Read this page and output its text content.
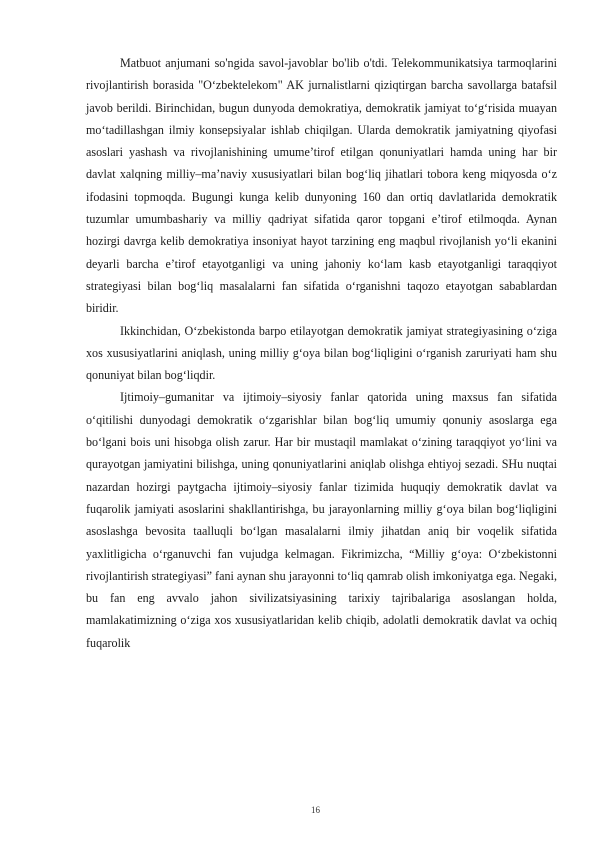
Matbuot anjumani so'ngida savol-javoblar bo'lib o'tdi. Telekommunikatsiya tarmoqlarini rivojlantirish borasida "O‘zbektelekom" AK jurnalistlarni qiziqtirgan barcha savollarga batafsil javob berildi. Birinchidan, bugun dunyoda demokratiya, demokratik jamiyat to‘g‘risida muayan mo‘tadillashgan ilmiy konsepsiyalar ishlab chiqilgan. Ularda demokratik jamiyatning qiyofasi asoslari yashash va rivojlanishining umume’tirof etilgan qonuniyatlari hamda uning har bir davlat xalqning milliy–ma’naviy xususiyatlari bilan bog‘liq jihatlari tobora keng miqyosda o‘z ifodasini topmoqda. Bugungi kunga kelib dunyoning 160 dan ortiq davlatlarida demokratik tuzumlar umumbashariy va milliy qadriyat sifatida qaror topgani e’tirof etilmoqda. Aynan hozirgi davrga kelib demokratiya insoniyat hayot tarzining eng maqbul rivojlanish yo‘li ekanini deyarli barcha e’tirof etayotganligi va uning jahoniy ko‘lam kasb etayotganligi taraqqiyot strategiyasi bilan bog‘liq masalalarni fan sifatida o‘rganishni taqozo etayotgan sabablardan biridir.

Ikkinchidan, O‘zbekistonda barpo etilayotgan demokratik jamiyat strategiyasining o‘ziga xos xususiyatlarini aniqlash, uning milliy g‘oya bilan bog‘liqligini o‘rganish zaruriyati ham shu qonuniyat bilan bog‘liqdir.

Ijtimoiy–gumanitar va ijtimoiy–siyosiy fanlar qatorida uning maxsus fan sifatida o‘qitilishi dunyodagi demokratik o‘zgarishlar bilan bog‘liq umumiy qonuniy asoslarga ega bo‘lgani bois uni hisobga olish zarur. Har bir mustaqil mamlakat o‘zining taraqqiyot yo‘lini va qurayotgan jamiyatini bilishga, uning qonuniyatlarini aniqlab olishga ehtiyoj sezadi. SHu nuqtai nazardan hozirgi paytgacha ijtimoiy–siyosiy fanlar tizimida huquqiy demokratik davlat va fuqarolik jamiyati asoslarini shakllantirishga, bu jarayonlarning milliy g‘oya bilan bog‘liqligini asoslashga bevosita taalluqli bo‘lgan masalalarni ilmiy jihatdan aniq bir voqelik sifatida yaxlitligicha o‘rganuvchi fan vujudga kelmagan. Fikrimizcha, “Milliy g‘oya: O‘zbekistonni rivojlantirish strategiyasi” fani aynan shu jarayonni to‘liq qamrab olish imkoniyatga ega. Negaki, bu fan eng avvalo jahon sivilizatsiyasining tarixiy tajribalariga asoslangan holda, mamlakatimizning o‘ziga xos xususiyatlaridan kelib chiqib, adolatli demokratik davlat va ochiq fuqarolik

16
